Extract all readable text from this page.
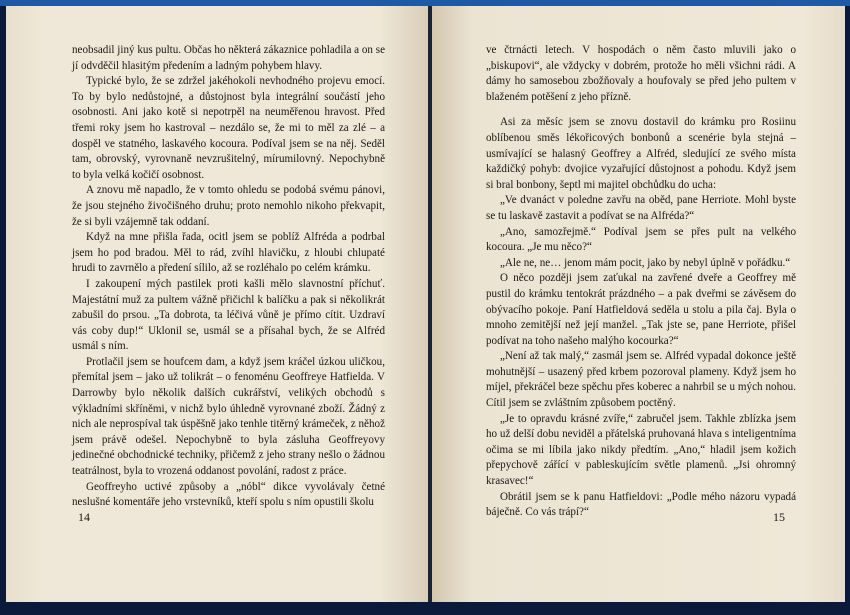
neobsadil jiný kus pultu. Občas ho některá zákaznice pohladila a on se jí odvděčil hlasitým předením a ladným pohybem hlavy.

Typické bylo, že se zdržel jakéhokoli nevhodného projevu emocí. To by bylo nedůstojné, a důstojnost byla integrální součástí jeho osobnosti. Ani jako kotě si nepotrpěl na neuměřenou hravost. Před třemi roky jsem ho kastroval – nezdálo se, že mi to měl za zlé – a dospěl ve statného, laskavého kocoura. Podíval jsem se na něj. Seděl tam, obrovský, vyrovnaně nevzrušitelný, mírumilovný. Nepochybně to byla velká kočičí osobnost.

A znovu mě napadlo, že v tomto ohledu se podobá svému pánovi, že jsou stejného živočišného druhu; proto nemohlo nikoho překvapit, že si byli vzájemně tak oddaní.

Když na mne přišla řada, ocitl jsem se poblíž Alfréda a podrbal jsem ho pod bradou. Měl to rád, zvíhl hlavičku, z hloubi chlupaté hrudi to zavrnělo a předení sílilo, až se rozléhalo po celém krámku.

I zakoupení mých pastilek proti kašli mělo slavnostní příchuť. Majestátní muž za pultem vážně přičichl k balíčku a pak si několikrát zabušil do prsou. „Ta dobrota, ta léčivá vůně je přímo cítit. Uzdraví vás coby dup!“ Uklonil se, usmál se a přísahal bych, že se Alfréd usmál s ním.

Protlačil jsem se houfcem dam, a když jsem kráčel úzkou uličkou, přemítal jsem – jako už tolikrát – o fenoménu Geoffreye Hatfielda. V Darrowby bylo několik dalších cukrářství, velikých obchodů s výkladními skříněmi, v nichž bylo úhledně vyrovnané zboží. Žádný z nich ale neprospíval tak úspěšně jako tenhle titěrný krámeček, z něhož jsem právě odešel. Nepochybně to byla zásluha Geoffreyovy jedinečné obchodnické techniky, přičemž z jeho strany nešlo o žádnou teatrálnost, byla to vrozená oddanost povolání, radost z práce.

Geoffreyho uctivé způsoby a „nóbl“ dikce vyvolávaly četné neslušné komentáře jeho vrstevníků, kteří spolu s ním opustili školu

14

ve čtrnácti letech. V hospodách o něm často mluvili jako o „biskupovi“, ale vždycky v dobrém, protože ho měli všichni rádi. A dámy ho samosebou zbožňovaly a houfovaly se před jeho pultem v blaženém potěšení z jeho přízně.

Asi za měsíc jsem se znovu dostavil do krámku pro Rosiinu oblíbenou směs lékořicových bonbonů a scenérie byla stejná – usmívající se halasný Geoffrey a Alfréd, sledující ze svého místa každičký pohyb: dvojice vyzařující důstojnost a pohodu. Když jsem si bral bonbony, šeptl mi majitel obchůdku do ucha:

„Ve dvanáct v poledne zavřu na oběd, pane Herriote. Mohl byste se tu laskavě zastavit a podívat se na Alfréda?“

„Ano, samozřejmě.“ Podíval jsem se přes pult na velkého kocoura. „Je mu něco?“

„Ale ne, ne… jenom mám pocit, jako by nebyl úplně v pořádku.“

O něco později jsem zaťukal na zavřené dveře a Geoffrey mě pustil do krámku tentokrát prázdného – a pak dveřmi se závěsem do obývacího pokoje. Paní Hatfieldová seděla u stolu a pila čaj. Byla o mnoho zemitější než její manžel. „Tak jste se, pane Herriote, přišel podívat na toho našeho malýho kocourka?“

„Není až tak malý,“ zasmál jsem se. Alfréd vypadal dokonce ještě mohutnější – usazený před krbem pozoroval plameny. Když jsem ho míjel, překráčel beze spěchu přes koberec a nahrbil se u mých nohou. Cítil jsem se zvláštním způsobem poctěný.

„Je to opravdu krásné zvíře,“ zabručel jsem. Takhle zblízka jsem ho už delší dobu neviděl a přátelská pruhovaná hlava s inteligentníma očima se mi líbila jako nikdy předtím. „Ano,“ hladil jsem kožich přepychově zářící v pableskujícím světle plamenů. „Jsi ohromný krasavec!“

Obrátil jsem se k panu Hatfieldovi: „Podle mého názoru vypadá báječně. Co vás trápí?“	15
